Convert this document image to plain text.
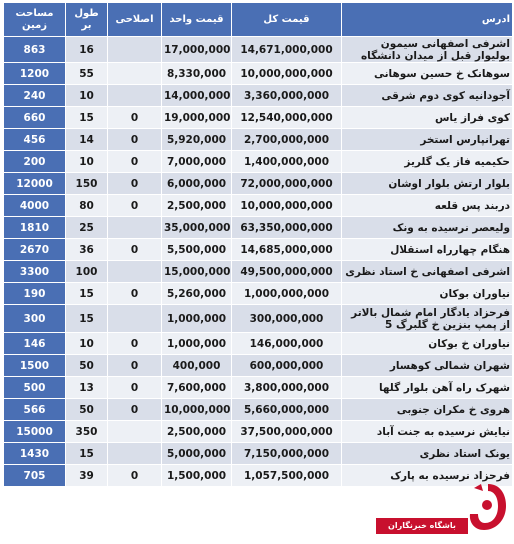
مساحت زمین	طول بر	اصلاحی	قیمت واحد	قیمت کل	ادرس
863	16		17,000,000	14,671,000,000	اشرفی اصفهانی سیمون بولیوار قبل از میدان دانشگاه
1200	55		8,330,000	10,000,000,000	سوهانک خ حسین سوهانی
240	10		14,000,000	3,360,000,000	آجودانیه کوی دوم شرقی
660	15	0	19,000,000	12,540,000,000	کوی فراز یاس
456	14	0	5,920,000	2,700,000,000	تهرانپارس استخر
200	10	0	7,000,000	1,400,000,000	حکیمیه فاز یک گلریز
12000	150	0	6,000,000	72,000,000,000	بلوار ارتش بلوار اوشان
4000	80	0	2,500,000	10,000,000,000	دربند پس قلعه
1810	25		35,000,000	63,350,000,000	ولیعصر نرسیده به ونک
2670	36	0	5,500,000	14,685,000,000	هنگام چهارراه استقلال
3300	100		15,000,000	49,500,000,000	اشرفی اصفهانی خ استاد نظری
190	15	0	5,260,000	1,000,000,000	نیاوران بوکان
300	15		1,000,000	300,000,000	فرحزاد یادگار امام شمال بالاتر از پمپ بنزین خ گلبرگ 5
146	10	0	1,000,000	146,000,000	نیاوران خ بوکان
1500	50	0	400,000	600,000,000	شهران شمالی کوهسار
500	13	0	7,600,000	3,800,000,000	شهرک راه آهن بلوار گلها
566	50	0	10,000,000	5,660,000,000	هروی خ مکران جنوبی
15000	350		2,500,000	37,500,000,000	نیایش نرسیده به جنت آباد
1430	15		5,000,000	7,150,000,000	یونک استاد نظری
705	39	0	1,500,000	1,057,500,000	فرحزاد نرسیده به پارک
باشگاه خبرنگاران
